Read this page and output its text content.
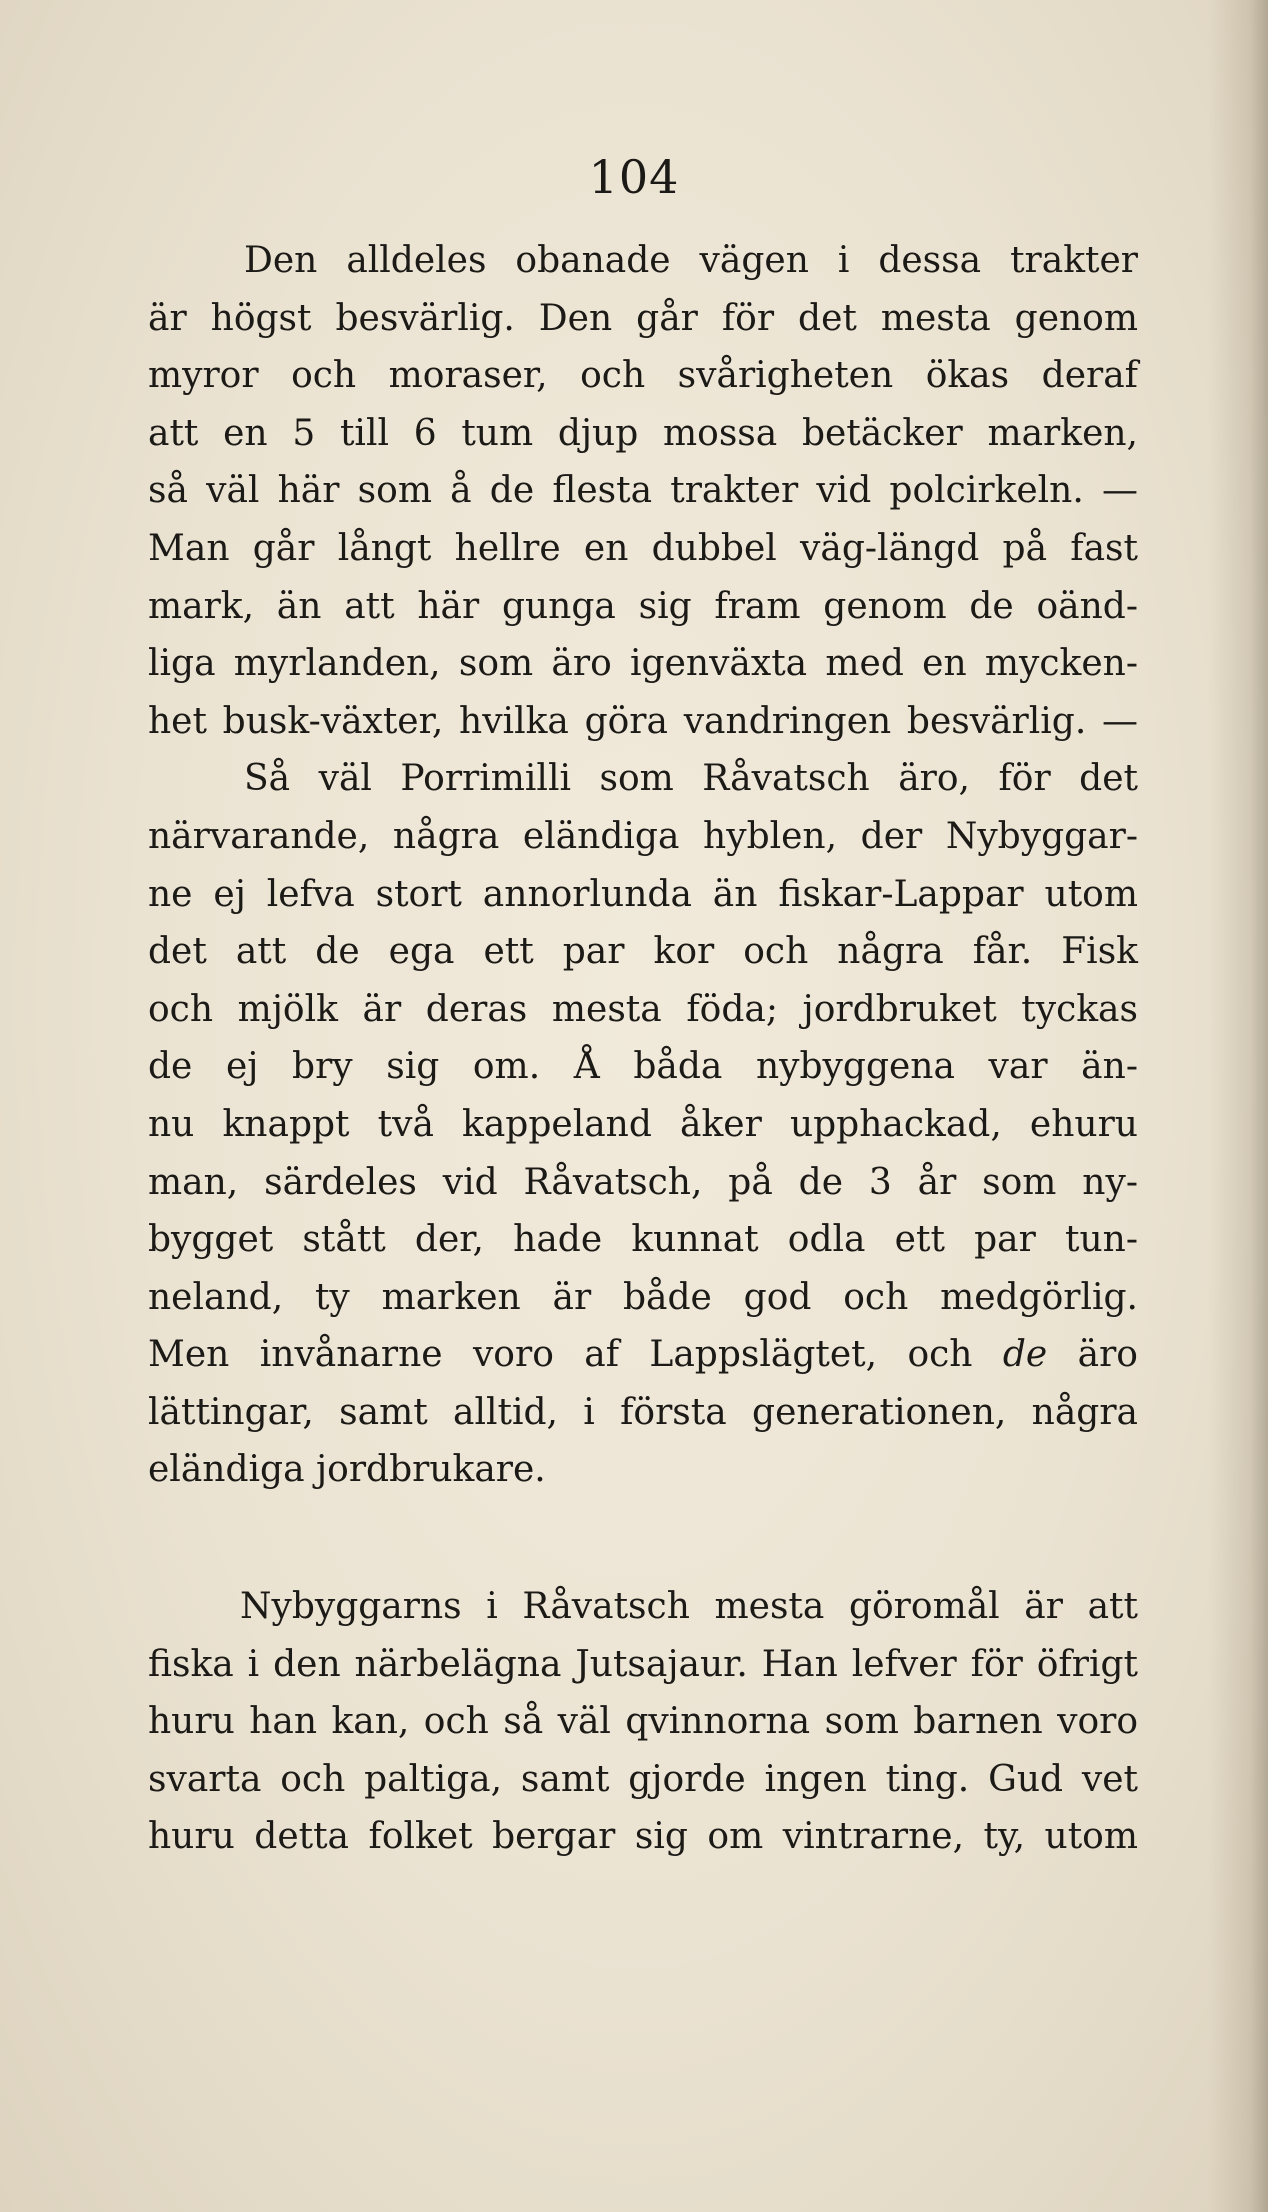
104
Den alldeles obanade vägen i dessa trakter
är högst besvärlig. Den går för det mesta genom
myror och moraser, och svårigheten ökas deraf
att en 5 till 6 tum djup mossa betäcker marken,
så väl här som å de flesta trakter vid polcirkeln. —
Man går långt hellre en dubbel väg-längd på fast
mark, än att här gunga sig fram genom de oänd-
liga myrlanden, som äro igenväxta med en mycken-
het busk-växter, hvilka göra vandringen besvärlig. —
Så väl Porrimilli som Råvatsch äro, för det
närvarande, några eländiga hyblen, der Nybyggar-
ne ej lefva stort annorlunda än fiskar-Lappar utom
det att de ega ett par kor och några får. Fisk
och mjölk är deras mesta föda; jordbruket tyckas
de ej bry sig om. Å båda nybyggena var än-
nu knappt två kappeland åker upphackad, ehuru
man, särdeles vid Råvatsch, på de 3 år som ny-
bygget stått der, hade kunnat odla ett par tun-
neland, ty marken är både god och medgörlig.
Men invånarne voro af Lappslägtet, och de äro
lättingar, samt alltid, i första generationen, några
eländiga jordbrukare.
Nybyggarns i Råvatsch mesta göromål är att
fiska i den närbelägna Jutsajaur. Han lefver för öfrigt
huru han kan, och så väl qvinnorna som barnen voro
svarta och paltiga, samt gjorde ingen ting. Gud vet
huru detta folket bergar sig om vintrarne, ty, utom
